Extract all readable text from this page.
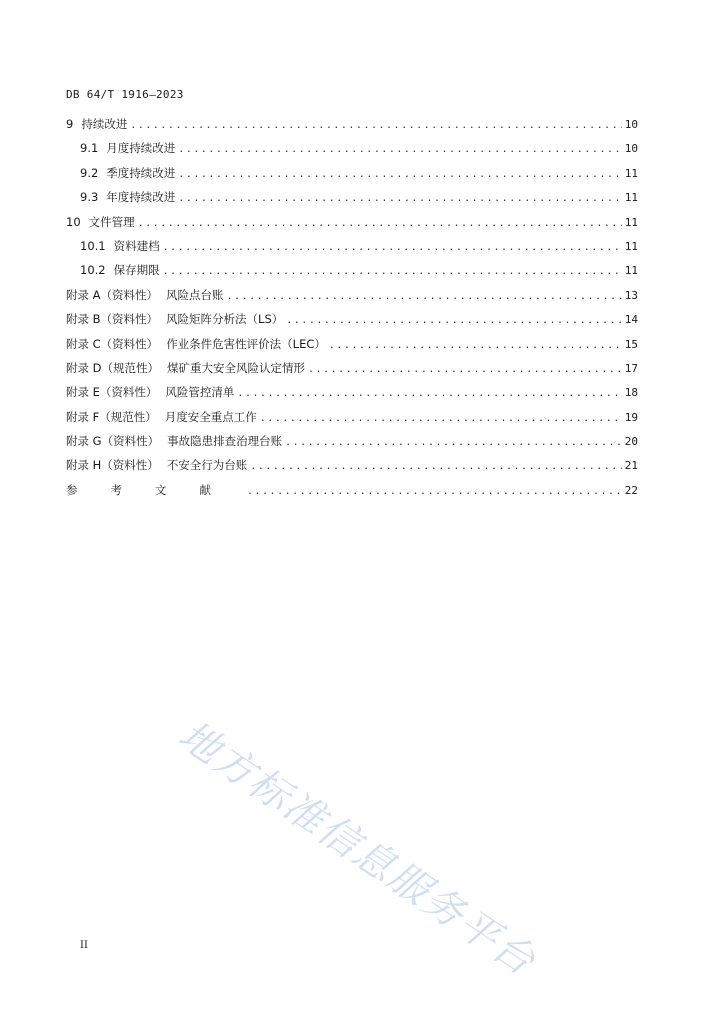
DB 64/T 1916—2023
9 持续改进 .....	10
9.1 月度持续改进 .....	10
9.2 季度持续改进 .....	11
9.3 年度持续改进 .....	11
10 文件管理 .....	11
10.1 资料建档 .....	11
10.2 保存期限 .....	11
附录 A（资料性） 风险点台账 .....	13
附录 B（资料性） 风险矩阵分析法（LS） .....	14
附录 C（资料性） 作业条件危害性评价法（LEC） .....	15
附录 D（规范性） 煤矿重大安全风险认定情形 .....	17
附录 E（资料性） 风险管控清单 .....	18
附录 F（规范性） 月度安全重点工作 .....	19
附录 G（资料性） 事故隐患排查治理台账 .....	20
附录 H（资料性） 不安全行为台账 .....	21
参考文献 .....	22
地方标准信息服务平台
II
